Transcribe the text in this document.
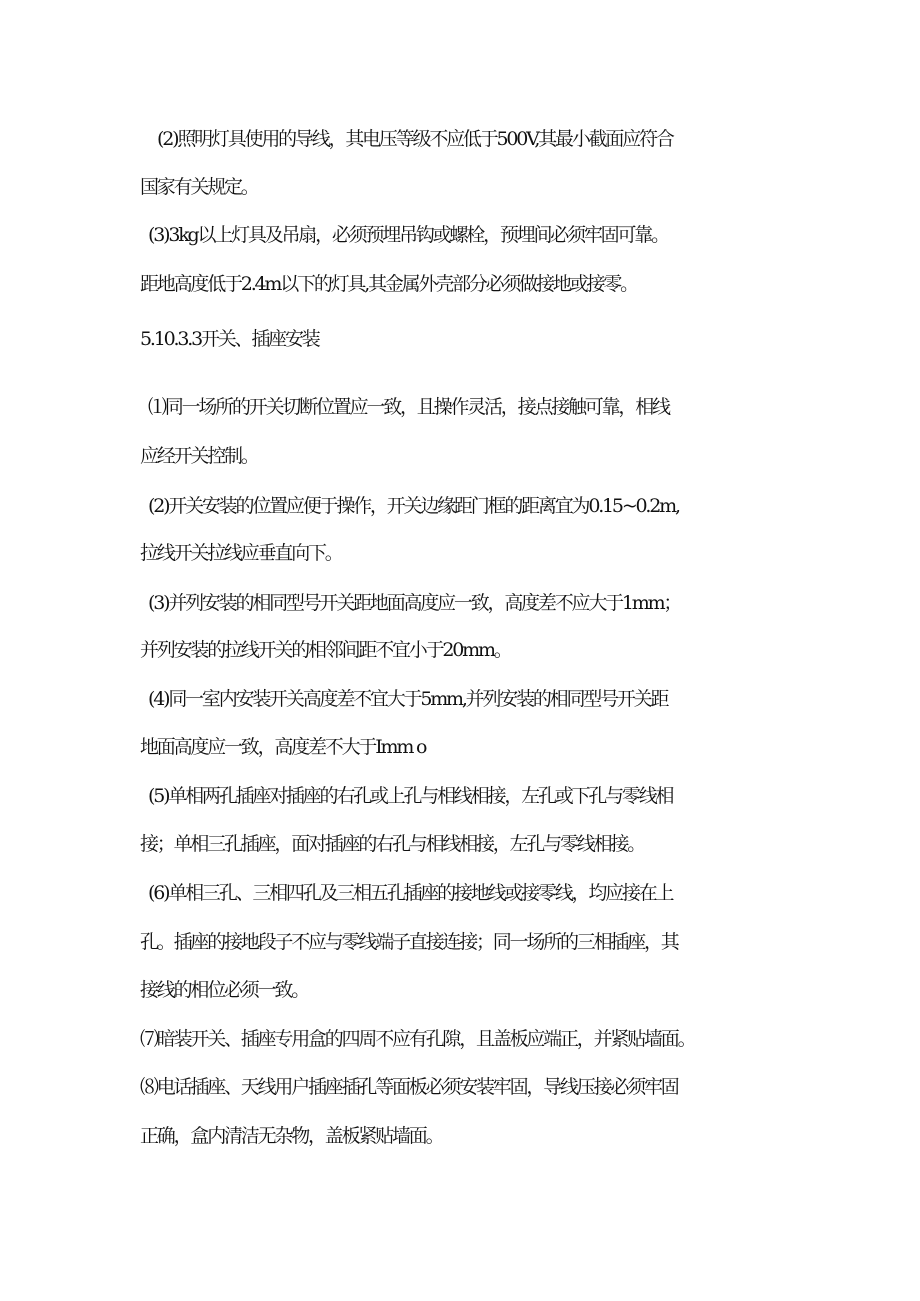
(2)照明灯具使用的导线，其电压等级不应低于500V,其最小截面应符合
国家有关规定。
(3)3kg以上灯具及吊扇，必须预埋吊钩或螺栓，预埋间必须牢固可靠。
距地高度低于2.4m以下的灯具,其金属外壳部分必须做接地或接零。
5.10.3.3开关、插座安装
⑴同一场所的开关切断位置应一致，且操作灵活，接点接触可靠，相线
应经开关控制。
(2)开关安装的位置应便于操作，开关边缘距门框的距离宜为0.15~0.2m,
拉线开关拉线应垂直向下。
(3)并列安装的相同型号开关距地面高度应一致，高度差不应大于1mm；
并列安装的拉线开关的相邻间距不宜小于20mm。
(4)同一室内安装开关高度差不宜大于5mm,并列安装的相同型号开关距
地面高度应一致，高度差不大于Imm o
(5)单相两孔插座对插座的右孔或上孔与相线相接，左孔或下孔与零线相
接；单相三孔插座，面对插座的右孔与相线相接，左孔与零线相接。
(6)单相三孔、三相四孔及三相五孔插座的接地线或接零线，均应接在上
孔。插座的接地段子不应与零线端子直接连接；同一场所的三相插座，其
接线的相位必须一致。
⑺暗装开关、插座专用盒的四周不应有孔隙，且盖板应端正，并紧贴墙面。
⑻电话插座、天线用户插座插孔等面板必须安装牢固，导线压接必须牢固
正确，盒内清洁无杂物，盖板紧贴墙面。
